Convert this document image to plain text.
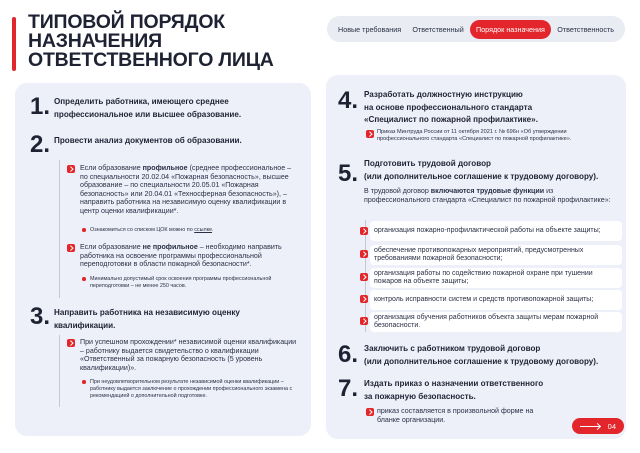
ТИПОВОЙ ПОРЯДОК
НАЗНАЧЕНИЯ
ОТВЕТСТВЕННОГО ЛИЦА
Новые требования	Ответственный	Порядок назначения	Ответственность
1. Определить работника, имеющего среднее
профессиональное или высшее образование.
2. Провести анализ документов об образовании.

Если образование профильное (среднее профессиональное – по специальности 20.02.04 «Пожарная безопасность», высшее образование – по специальности 20.05.01 «Пожарная безопасность» или 20.04.01 «Техносферная безопасность»), – направить работника на независимую оценку квалификации в центр оценки квалификации*.

Ознакомиться со списком ЦОК можно по ссылке.

Если образование не профильное – необходимо направить работника на освоение программы профессиональной переподготовки в области пожарной безопасности*.

Минимально допустимый срок освоения программы профессиональной переподготовки – не менее 250 часов.

3. Направить работника на независимую оценку
квалификации.

При успешном прохождении* независимой оценки квалификации – работнику выдается свидетельство о квалификации «Ответственный за пожарную безопасность (5 уровень квалификации)».

При неудовлетворительном результате независимой оценки квалификации – работнику выдается заключение о прохождении профессионального экзамена с рекомендацией о дополнительной подготовке.

4. Разработать должностную инструкцию
на основе профессионального стандарта
«Специалист по пожарной профилактике».

Приказ Минтруда России от 11 октября 2021 г. № 696н «Об утверждении профессионального стандарта «Специалист по пожарной профилактике».

5. Подготовить трудовой договор
(или дополнительное соглашение к трудовому договору).

В трудовой договор включаются трудовые функции из профессионального стандарта «Специалист по пожарной профилактике»:

организация пожарно-профилактической работы на объекте защиты;
обеспечение противопожарных мероприятий, предусмотренных требованиями пожарной безопасности;
организация работы по содействию пожарной охране при тушении пожаров на объекте защиты;
контроль исправности систем и средств противопожарной защиты;
организация обучения работников объекта защиты мерам пожарной безопасности.
6. Заключить с работником трудовой договор
(или дополнительное соглашение к трудовому договору).
7. Издать приказ о назначении ответственного
за пожарную безопасность.

приказ составляется в произвольной форме на бланке организации.

04
